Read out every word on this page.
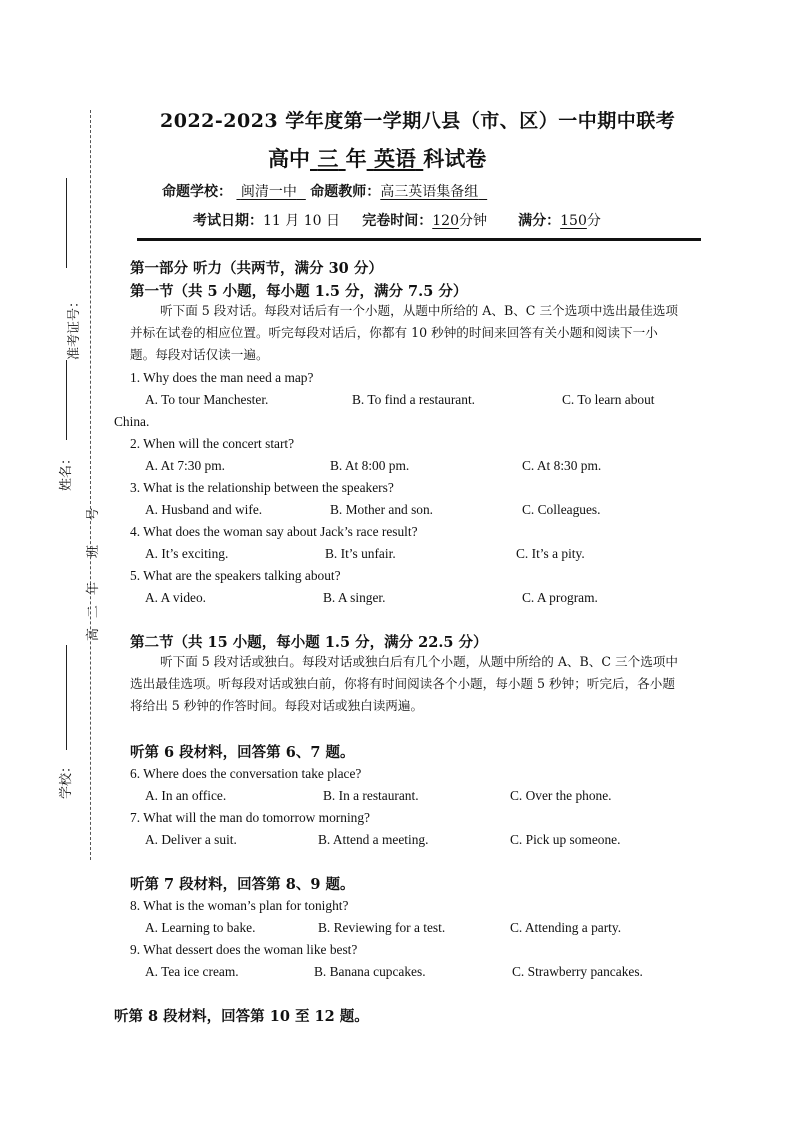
准考证号：
姓名：
高二年 班 号
学校：
2022-2023 学年度第一学期八县（市、区）一中期中联考
高中 三 年 英语 科试卷
命题学校： 闽清一中 命题教师：高三英语集备组
考试日期：11 月 10 日 完卷时间：120分钟 满分：150分
第一部分 听力（共两节，满分 30 分）
第一节（共 5 小题，每小题 1.5 分，满分 7.5 分）
听下面 5 段对话。每段对话后有一个小题，从题中所给的 A、B、C 三个选项中选出最佳选项并标在试卷的相应位置。听完每段对话后，你都有 10 秒钟的时间来回答有关小题和阅读下一小题。每段对话仅读一遍。
1. Why does the man need a map?
A. To tour Manchester.	B. To find a restaurant.	C. To learn about
China.
2. When will the concert start?
A. At 7:30 pm.	B. At 8:00 pm.	C. At 8:30 pm.
3. What is the relationship between the speakers?
A. Husband and wife.	B. Mother and son.	C. Colleagues.
4. What does the woman say about Jack’s race result?
A. It’s exciting.	B. It’s unfair.	C. It’s a pity.
5. What are the speakers talking about?
A. A video.	B. A singer.	C. A program.
第二节（共 15 小题，每小题 1.5 分，满分 22.5 分）
听下面 5 段对话或独白。每段对话或独白后有几个小题，从题中所给的 A、B、C 三个选项中选出最佳选项。听每段对话或独白前，你将有时间阅读各个小题，每小题 5 秒钟；听完后，各小题将给出 5 秒钟的作答时间。每段对话或独白读两遍。
听第 6 段材料，回答第 6、7 题。
6. Where does the conversation take place?
A. In an office.	B. In a restaurant.	C. Over the phone.
7. What will the man do tomorrow morning?
A. Deliver a suit.	B. Attend a meeting.	C. Pick up someone.
听第 7 段材料，回答第 8、9 题。
8. What is the woman’s plan for tonight?
A. Learning to bake.	B. Reviewing for a test.	C. Attending a party.
9. What dessert does the woman like best?
A. Tea ice cream.	B. Banana cupcakes.	C. Strawberry pancakes.
听第 8 段材料，回答第 10 至 12 题。
